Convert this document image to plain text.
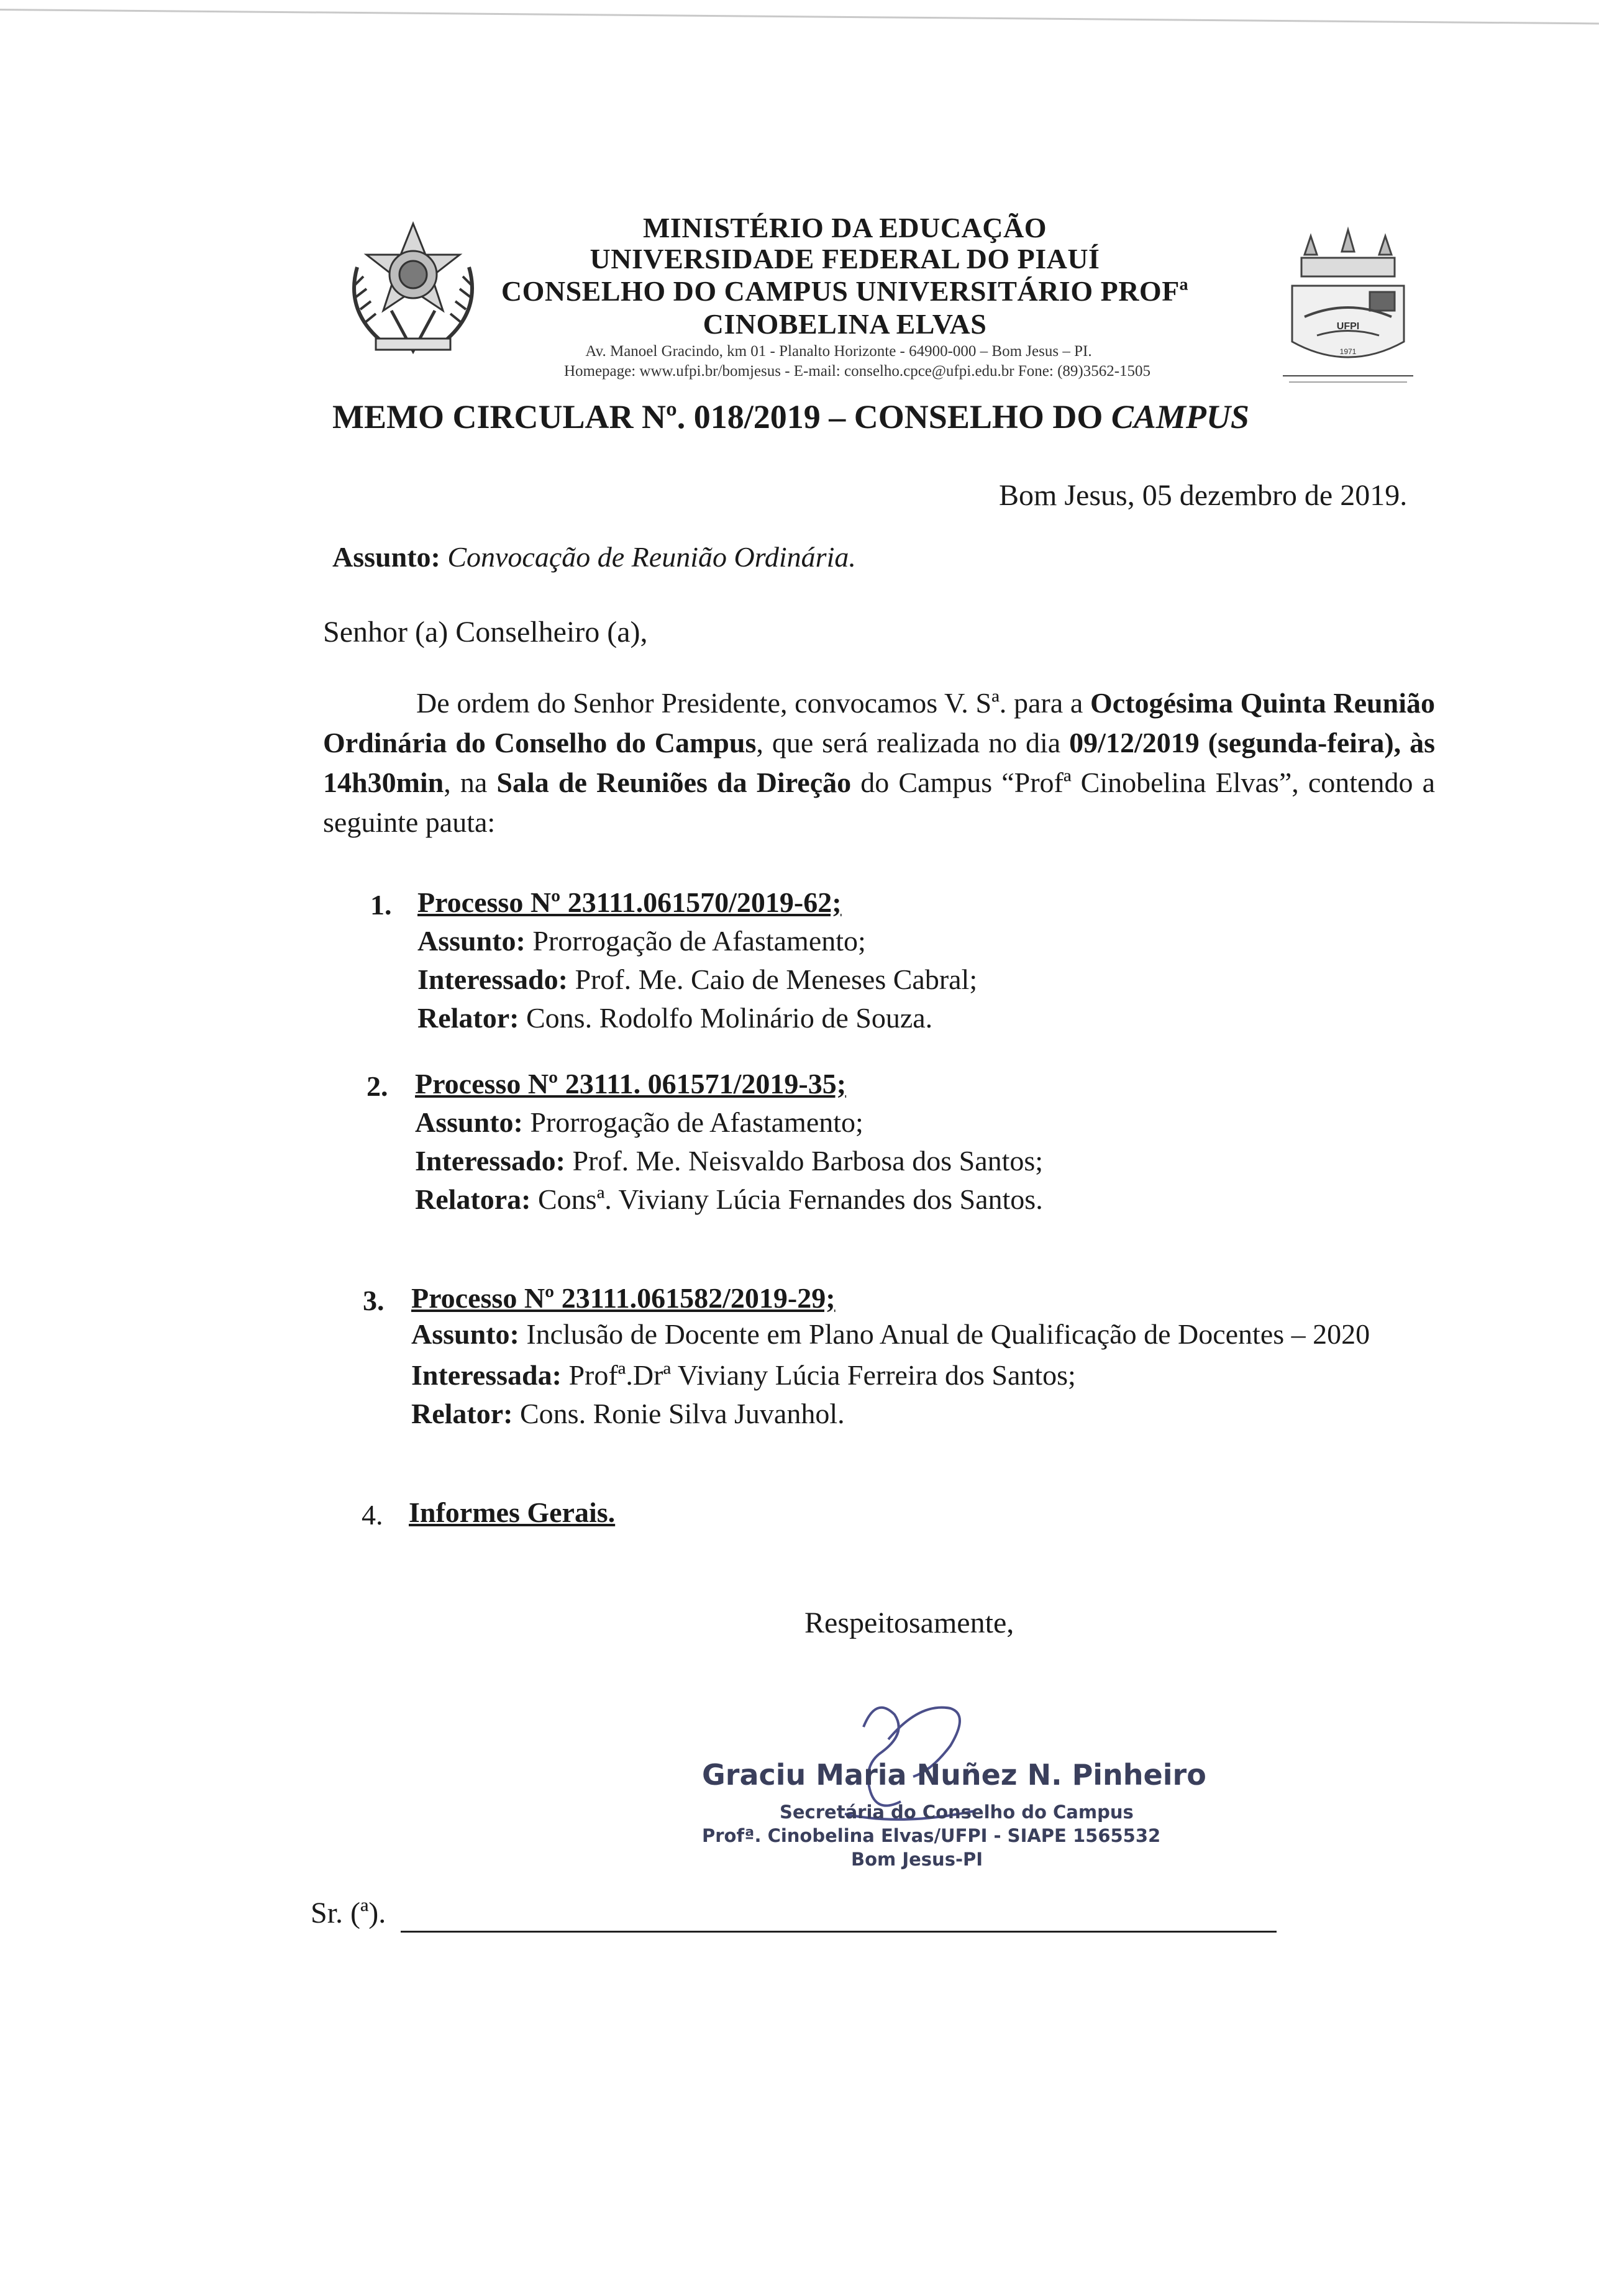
MINISTÉRIO DA EDUCAÇÃO
UNIVERSIDADE FEDERAL DO PIAUÍ
CONSELHO DO CAMPUS UNIVERSITÁRIO PROFª
CINOBELINA ELVAS
Av. Manoel Gracindo, km 01 - Planalto Horizonte - 64900-000 – Bom Jesus – PI.
Homepage: www.ufpi.br/bomjesus - E-mail: conselho.cpce@ufpi.edu.br Fone: (89)3562-1505
UFPI
1971
MEMO CIRCULAR Nº. 018/2019 – CONSELHO DO CAMPUS
Bom Jesus, 05 dezembro de 2019.
Assunto: Convocação de Reunião Ordinária.
Senhor (a) Conselheiro (a),
De ordem do Senhor Presidente, convocamos V. Sª. para a Octogésima Quinta Reunião Ordinária do Conselho do Campus, que será realizada no dia 09/12/2019 (segunda-feira), às 14h30min, na Sala de Reuniões da Direção do Campus “Profª Cinobelina Elvas”, contendo a seguinte pauta:
1. Processo Nº 23111.061570/2019-62;
Assunto: Prorrogação de Afastamento;
Interessado: Prof. Me. Caio de Meneses Cabral;
Relator: Cons. Rodolfo Molinário de Souza.
2. Processo Nº 23111. 061571/2019-35;
Assunto: Prorrogação de Afastamento;
Interessado: Prof. Me. Neisvaldo Barbosa dos Santos;
Relatora: Consª. Viviany Lúcia Fernandes dos Santos.
3. Processo Nº 23111.061582/2019-29;
Assunto: Inclusão de Docente em Plano Anual de Qualificação de Docentes – 2020
Interessada: Profª.Drª Viviany Lúcia Ferreira dos Santos;
Relator: Cons. Ronie Silva Juvanhol.
4. Informes Gerais.
Respeitosamente,
Graciu Maria Nuñez N. Pinheiro
Secretária do Conselho do Campus
Profª. Cinobelina Elvas/UFPI - SIAPE 1565532
Bom Jesus-PI
Sr. (ª).
